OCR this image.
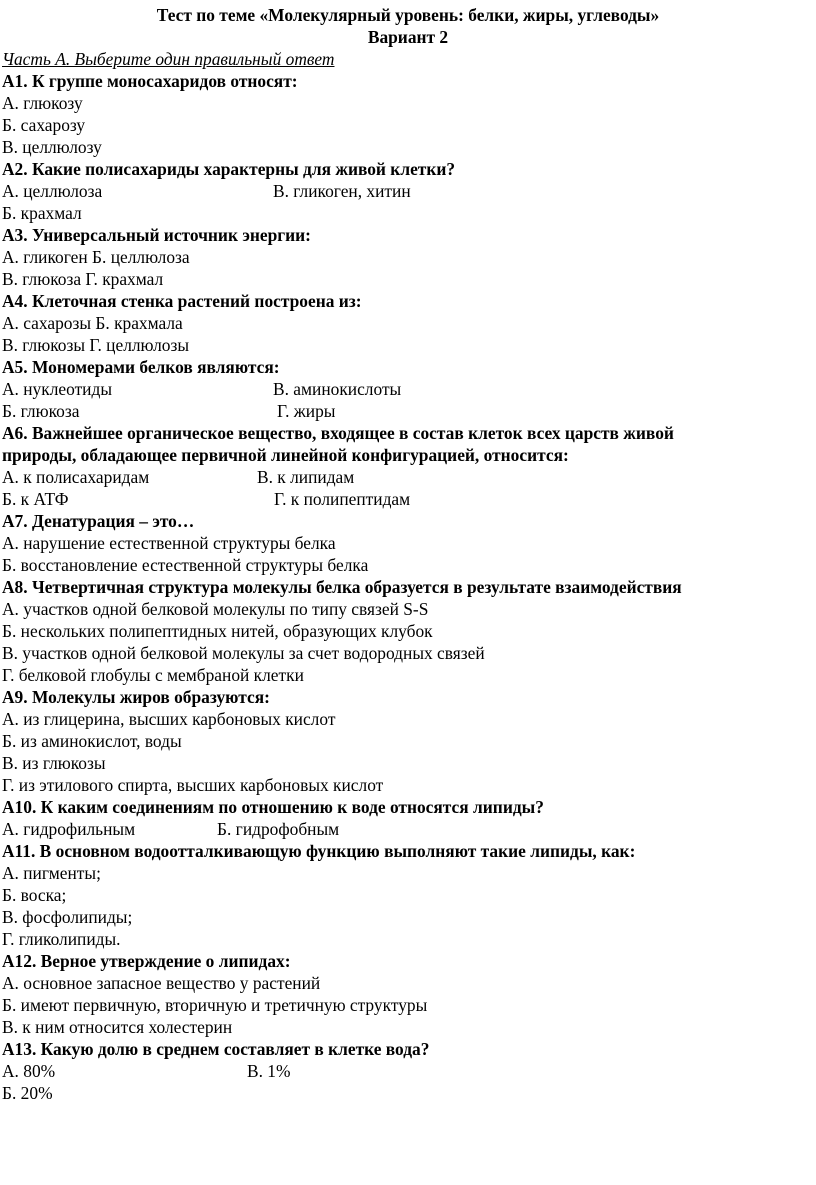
Тест по теме «Молекулярный уровень: белки, жиры, углеводы»
Вариант 2
Часть А. Выберите один правильный ответ
А1. К группе моносахаридов относят:
А. глюкозу
Б. сахарозу
В. целлюлозу
А2. Какие полисахариды характерны для живой клетки?
А. целлюлоза	В. гликоген, хитин
Б. крахмал
А3. Универсальный источник энергии:
А. гликоген Б. целлюлоза
В. глюкоза Г. крахмал
А4. Клеточная стенка растений построена из:
А. сахарозы Б. крахмала
В. глюкозы Г. целлюлозы
А5. Мономерами белков являются:
А. нуклеотиды	В. аминокислоты
Б. глюкоза	Г. жиры
А6. Важнейшее органическое вещество, входящее в состав клеток всех царств живой
природы, обладающее первичной линейной конфигурацией, относится:
А. к полисахаридам	В. к липидам
Б. к АТФ	Г. к полипептидам
А7. Денатурация – это…
А. нарушение естественной структуры белка
Б. восстановление естественной структуры белка
А8. Четвертичная структура молекулы белка образуется в результате взаимодействия
А. участков одной белковой молекулы по типу связей S-S
Б. нескольких полипептидных нитей, образующих клубок
В. участков одной белковой молекулы за счет водородных связей
Г. белковой глобулы с мембраной клетки
А9. Молекулы жиров образуются:
А. из глицерина, высших карбоновых кислот
Б. из аминокислот, воды
В. из глюкозы
Г. из этилового спирта, высших карбоновых кислот
А10. К каким соединениям по отношению к воде относятся липиды?
А. гидрофильным	Б. гидрофобным
А11. В основном водоотталкивающую функцию выполняют такие липиды, как:
А. пигменты;
Б. воска;
В. фосфолипиды;
Г. гликолипиды.
А12. Верное утверждение о липидах:
А. основное запасное вещество у растений
Б. имеют первичную, вторичную и третичную структуры
В. к ним относится холестерин
А13. Какую долю в среднем составляет в клетке вода?
А. 80%	В. 1%
Б. 20%
